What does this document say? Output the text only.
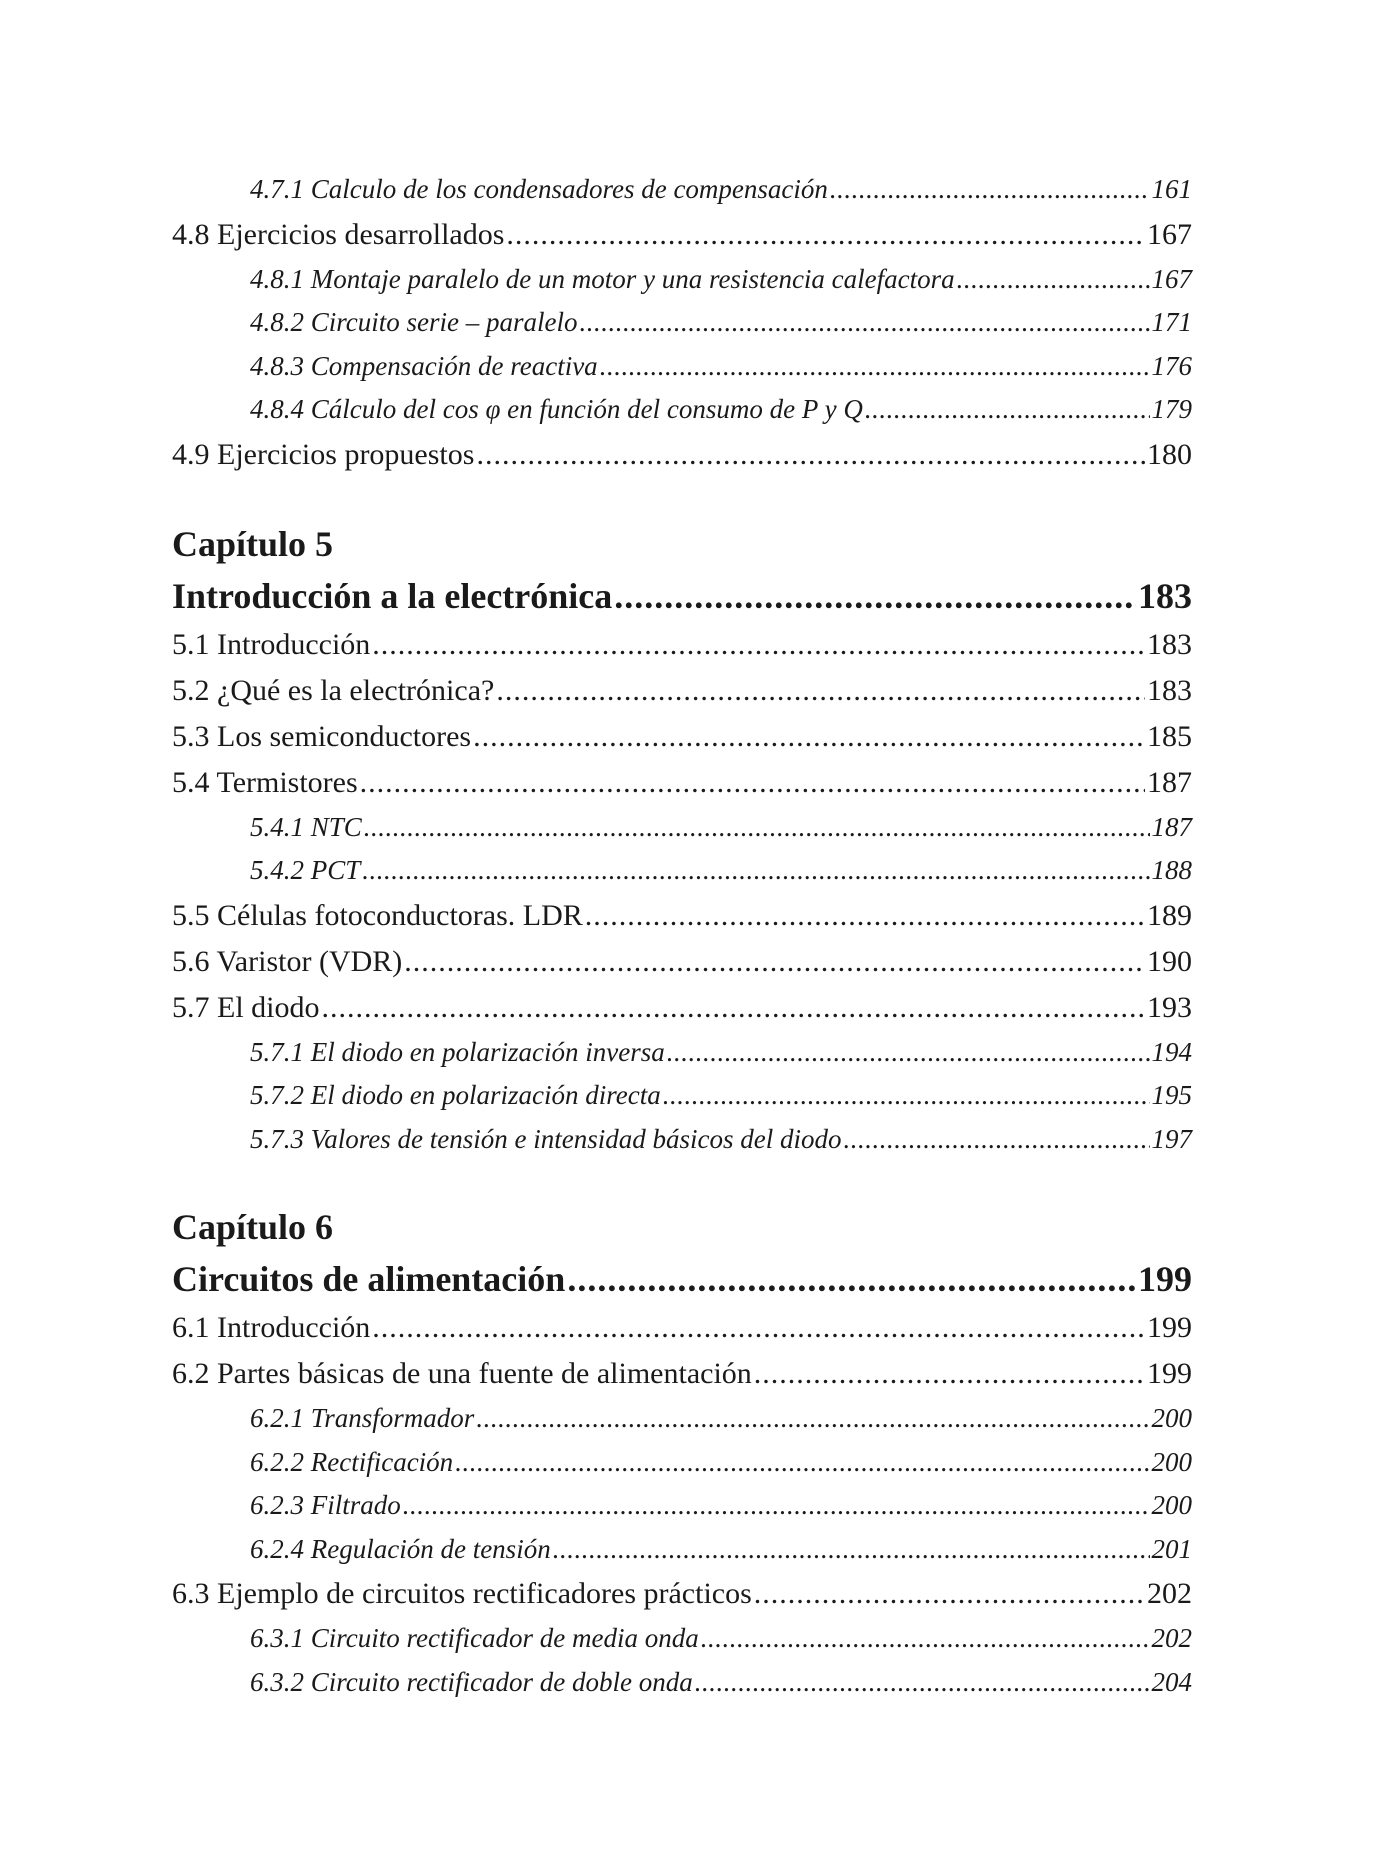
4.7.1 Calculo de los condensadores de compensación .....	161
4.8 Ejercicios desarrollados .....	167
4.8.1 Montaje paralelo de un motor y una resistencia calefactora .....	167
4.8.2 Circuito serie – paralelo .....	171
4.8.3 Compensación de reactiva .....	176
4.8.4 Cálculo del cos φ en función del consumo de P y Q .....	179
4.9 Ejercicios propuestos .....	180
Capítulo 5
Introducción a la electrónica .....	183
5.1 Introducción .....	183
5.2 ¿Qué es la electrónica? .....	183
5.3 Los semiconductores .....	185
5.4 Termistores .....	187
5.4.1 NTC .....	187
5.4.2 PCT .....	188
5.5 Células fotoconductoras. LDR .....	189
5.6 Varistor (VDR) .....	190
5.7 El diodo .....	193
5.7.1 El diodo en polarización inversa .....	194
5.7.2 El diodo en polarización directa .....	195
5.7.3 Valores de tensión e intensidad básicos del diodo .....	197
Capítulo 6
Circuitos de alimentación .....	199
6.1 Introducción .....	199
6.2 Partes básicas de una fuente de alimentación .....	199
6.2.1 Transformador .....	200
6.2.2 Rectificación .....	200
6.2.3 Filtrado .....	200
6.2.4 Regulación de tensión .....	201
6.3 Ejemplo de circuitos rectificadores prácticos .....	202
6.3.1 Circuito rectificador de media onda .....	202
6.3.2 Circuito rectificador de doble onda .....	204
